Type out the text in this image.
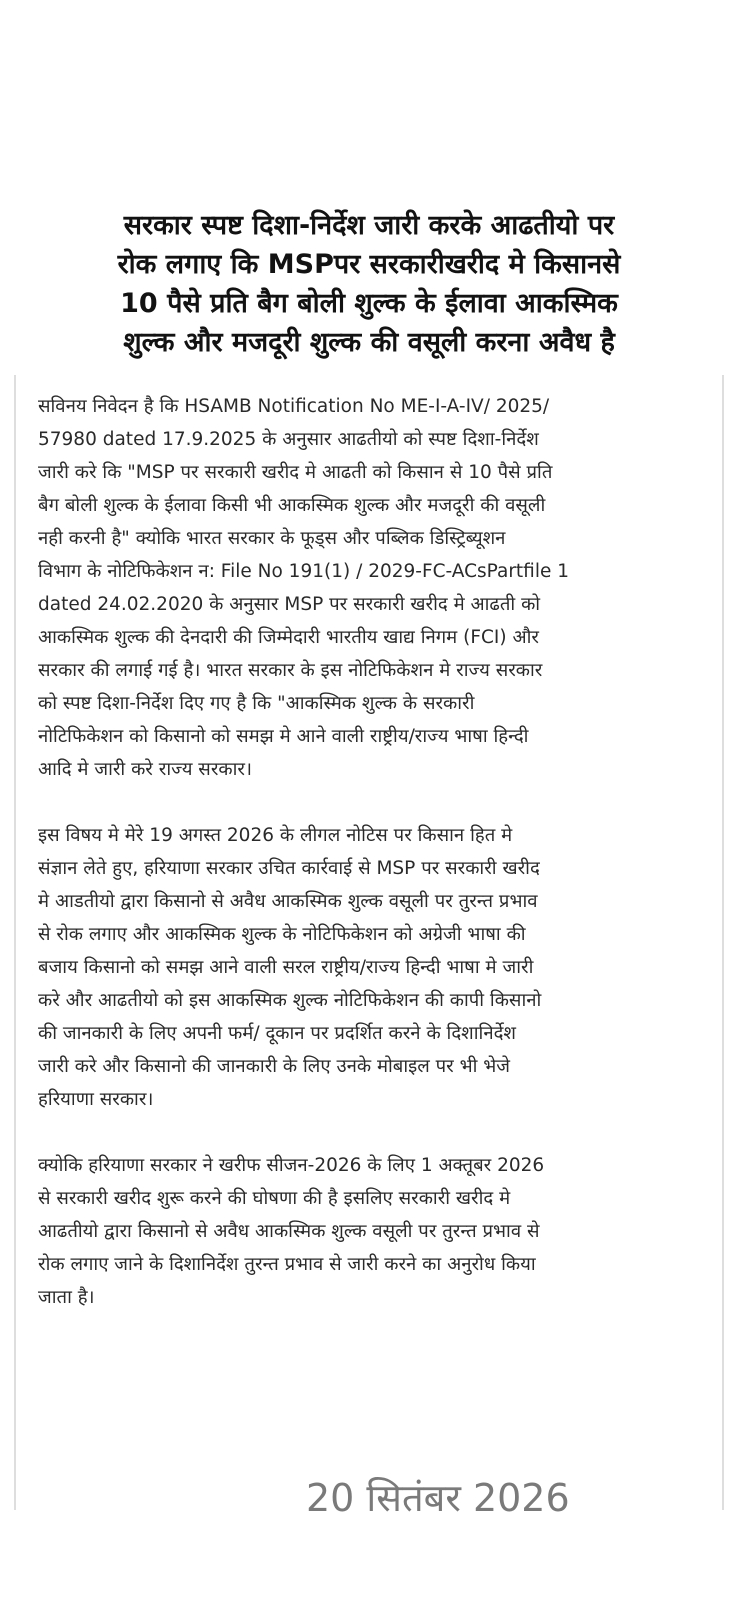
सरकार स्पष्ट दिशा-निर्देश जारी करके आढतीयो पर
रोक लगाए कि MSPपर सरकारीखरीद मे किसानसे
10 पैसे प्रति बैग बोली शुल्क के ईलावा आकस्मिक
शुल्क और मजदूरी शुल्क की वसूली करना अवैध है

सविनय निवेदन है कि HSAMB Notification No ME-I-A-IV/ 2025/
57980 dated 17.9.2025 के अनुसार आढतीयो को स्पष्ट दिशा-निर्देश
जारी करे कि "MSP पर सरकारी खरीद मे आढती को किसान से 10 पैसे प्रति
बैग बोली शुल्क के ईलावा किसी भी आकस्मिक शुल्क और मजदूरी की वसूली
नही करनी है" क्योकि भारत सरकार के फूड्स और पब्लिक डिस्ट्रिब्यूशन
विभाग के नोटिफिकेशन न: File No 191(1) / 2029-FC-ACsPartfile 1
dated 24.02.2020 के अनुसार MSP पर सरकारी खरीद मे आढती को
आकस्मिक शुल्क की देनदारी की जिम्मेदारी भारतीय खाद्य निगम (FCI) और
सरकार की लगाई गई है। भारत सरकार के इस नोटिफिकेशन मे राज्य सरकार
को स्पष्ट दिशा-निर्देश दिए गए है कि "आकस्मिक शुल्क के सरकारी
नोटिफिकेशन को किसानो को समझ मे आने वाली राष्ट्रीय/राज्य भाषा हिन्दी
आदि मे जारी करे राज्य सरकार।

इस विषय मे मेरे 19 अगस्त 2026 के लीगल नोटिस पर किसान हित मे
संज्ञान लेते हुए, हरियाणा सरकार उचित कार्रवाई से MSP पर सरकारी खरीद
मे आडतीयो द्वारा किसानो से अवैध आकस्मिक शुल्क वसूली पर तुरन्त प्रभाव
से रोक लगाए और आकस्मिक शुल्क के नोटिफिकेशन को अग्रेजी भाषा की
बजाय किसानो को समझ आने वाली सरल राष्ट्रीय/राज्य हिन्दी भाषा मे जारी
करे और आढतीयो को इस आकस्मिक शुल्क नोटिफिकेशन की कापी किसानो
की जानकारी के लिए अपनी फर्म/ दूकान पर प्रदर्शित करने के दिशानिर्देश
जारी करे और किसानो की जानकारी के लिए उनके मोबाइल पर भी भेजे
हरियाणा सरकार।

क्योकि हरियाणा सरकार ने खरीफ सीजन-2026 के लिए 1 अक्तूबर 2026
से सरकारी खरीद शुरू करने की घोषणा की है इसलिए सरकारी खरीद मे
आढतीयो द्वारा किसानो से अवैध आकस्मिक शुल्क वसूली पर तुरन्त प्रभाव से
रोक लगाए जाने के दिशानिर्देश तुरन्त प्रभाव से जारी करने का अनुरोध किया
जाता है।

20 सितंबर 2026
